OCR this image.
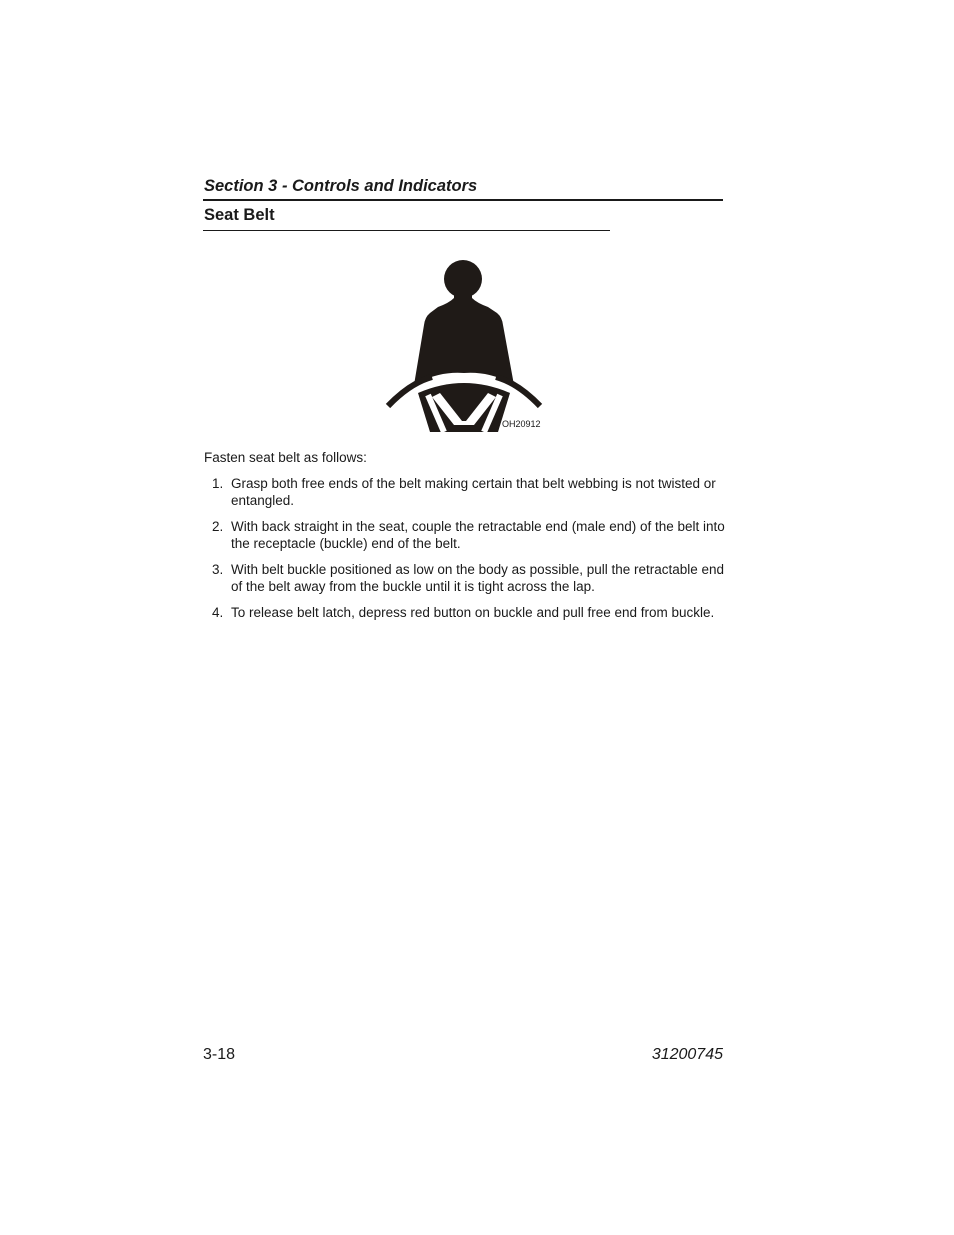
Section 3 - Controls and Indicators
Seat Belt
OH20912
Fasten seat belt as follows:
1. Grasp both free ends of the belt making certain that belt webbing is not twisted or entangled.
2. With back straight in the seat, couple the retractable end (male end) of the belt into the receptacle (buckle) end of the belt.
3. With belt buckle positioned as low on the body as possible, pull the retractable end of the belt away from the buckle until it is tight across the lap.
4. To release belt latch, depress red button on buckle and pull free end from buckle.
3-18	31200745
